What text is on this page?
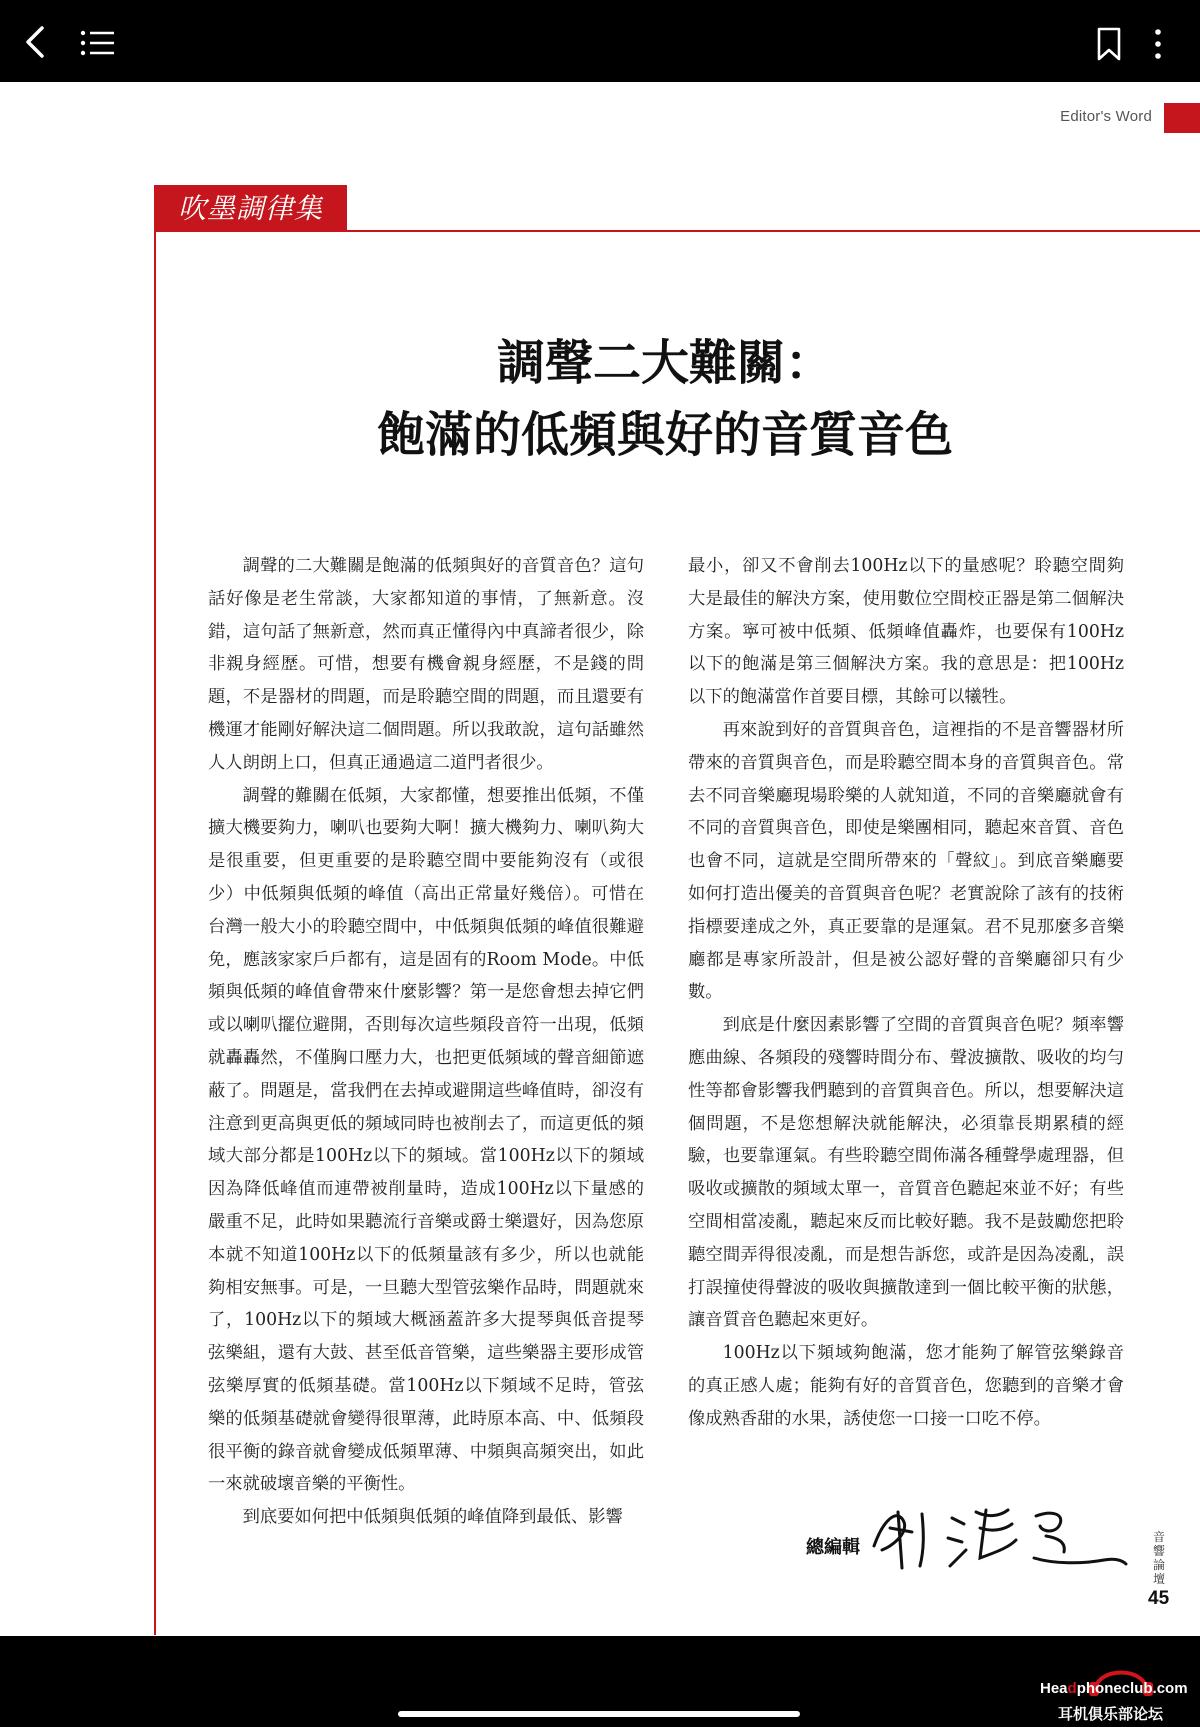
Editor's Word
吹墨調律集
調聲二大難關：
飽滿的低頻與好的音質音色

調聲的二大難關是飽滿的低頻與好的音質音色？這句話好像是老生常談，大家都知道的事情，了無新意。沒錯，這句話了無新意，然而真正懂得內中真諦者很少，除非親身經歷。可惜，想要有機會親身經歷，不是錢的問題，不是器材的問題，而是聆聽空間的問題，而且還要有機運才能剛好解決這二個問題。所以我敢說，這句話雖然人人朗朗上口，但真正通過這二道門者很少。

調聲的難關在低頻，大家都懂，想要推出低頻，不僅擴大機要夠力，喇叭也要夠大啊！擴大機夠力、喇叭夠大是很重要，但更重要的是聆聽空間中要能夠沒有（或很少）中低頻與低頻的峰值（高出正常量好幾倍）。可惜在台灣一般大小的聆聽空間中，中低頻與低頻的峰值很難避免，應該家家戶戶都有，這是固有的Room Mode。中低頻與低頻的峰值會帶來什麼影響？第一是您會想去掉它們或以喇叭擺位避開，否則每次這些頻段音符一出現，低頻就轟轟然，不僅胸口壓力大，也把更低頻域的聲音細節遮蔽了。問題是，當我們在去掉或避開這些峰值時，卻沒有注意到更高與更低的頻域同時也被削去了，而這更低的頻域大部分都是100Hz以下的頻域。當100Hz以下的頻域因為降低峰值而連帶被削量時，造成100Hz以下量感的嚴重不足，此時如果聽流行音樂或爵士樂還好，因為您原本就不知道100Hz以下的低頻量該有多少，所以也就能夠相安無事。可是，一旦聽大型管弦樂作品時，問題就來了，100Hz以下的頻域大概涵蓋許多大提琴與低音提琴弦樂組，還有大鼓、甚至低音管樂，這些樂器主要形成管弦樂厚實的低頻基礎。當100Hz以下頻域不足時，管弦樂的低頻基礎就會變得很單薄，此時原本高、中、低頻段很平衡的錄音就會變成低頻單薄、中頻與高頻突出，如此一來就破壞音樂的平衡性。

到底要如何把中低頻與低頻的峰值降到最低、影響

最小，卻又不會削去100Hz以下的量感呢？聆聽空間夠大是最佳的解決方案，使用數位空間校正器是第二個解決方案。寧可被中低頻、低頻峰值轟炸，也要保有100Hz以下的飽滿是第三個解決方案。我的意思是：把100Hz以下的飽滿當作首要目標，其餘可以犧牲。

再來說到好的音質與音色，這裡指的不是音響器材所帶來的音質與音色，而是聆聽空間本身的音質與音色。常去不同音樂廳現場聆樂的人就知道，不同的音樂廳就會有不同的音質與音色，即使是樂團相同，聽起來音質、音色也會不同，這就是空間所帶來的「聲紋」。到底音樂廳要如何打造出優美的音質與音色呢？老實說除了該有的技術指標要達成之外，真正要靠的是運氣。君不見那麼多音樂廳都是專家所設計，但是被公認好聲的音樂廳卻只有少數。

到底是什麼因素影響了空間的音質與音色呢？頻率響應曲線、各頻段的殘響時間分布、聲波擴散、吸收的均勻性等都會影響我們聽到的音質與音色。所以，想要解決這個問題，不是您想解決就能解決，必須靠長期累積的經驗，也要靠運氣。有些聆聽空間佈滿各種聲學處理器，但吸收或擴散的頻域太單一，音質音色聽起來並不好；有些空間相當凌亂，聽起來反而比較好聽。我不是鼓勵您把聆聽空間弄得很凌亂，而是想告訴您，或許是因為凌亂，誤打誤撞使得聲波的吸收與擴散達到一個比較平衡的狀態，讓音質音色聽起來更好。

100Hz以下頻域夠飽滿，您才能夠了解管弦樂錄音的真正感人處；能夠有好的音質音色，您聽到的音樂才會像成熟香甜的水果，誘使您一口接一口吃不停。

總編輯	音響論壇
45
Headphoneclub.com
耳机俱乐部论坛
